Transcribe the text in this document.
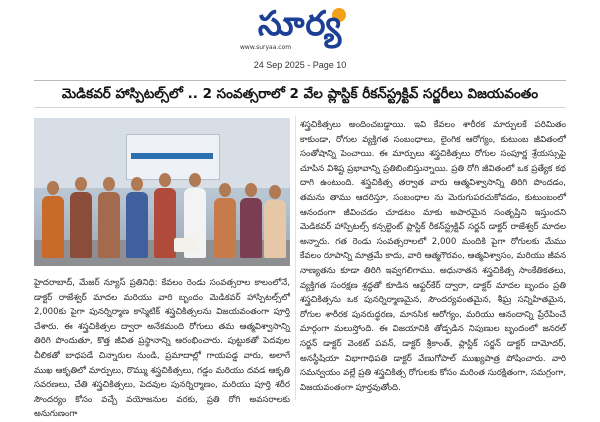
సూర్య
www.suryaa.com
24 Sep 2025 - Page 10
మెడికవర్ హాస్పిటల్స్‌లో .. 2 సంవత్సరాలో 2 వేల ప్లాస్టిక్ రీకన్‌స్ట్రక్టివ్ సర్జరీలు విజయవంతం

హైదరాబాద్, మేజర్ న్యూస్ ప్రతినిధి: కేవలం రెండు సంవత్సరాల కాలంలోనే, డాక్టర్ రాజేశ్వర్ మాదల మరియు వారి బృందం మెడికవర్ హాస్పిటల్స్‌లో 2,000కు పైగా పునర్నిర్మాణ కాస్మెటిక్ శస్త్రచికిత్సలను విజయవంతంగా పూర్తి చేశారు. ఈ శస్త్రచికిత్సల ద్వారా అనేకమంది రోగులు తమ ఆత్మవిశ్వాసాన్ని తిరిగి పొందుతూ, కొత్త జీవిత ప్రస్థానాన్ని ఆరంభించారు. పుట్టుకతో పెదవుల చీలికతో బాధపడే చిన్నారుల నుండి, ప్రమాదాల్లో గాయపడ్డ వారు, అలాగే ముఖ ఆకృతిలో మార్పులు, రొమ్ము శస్త్రచికిత్సలు, గడ్డం మరియు దవడ ఆకృతి సవరణలు, చేతి శస్త్రచికిత్సలు, పెదవుల పునర్నిర్మాణం, మరియు పూర్తి శరీర సౌందర్యం కోసం వచ్చే వయోజనుల వరకు, ప్రతి రోగి అవసరాలకు అనుగుణంగా

శస్త్రచికిత్సలు అందించబడ్డాయి. ఇవి కేవలం శారీరక మార్పులకే పరిమితం కాకుండా, రోగుల వ్యక్తిగత సంబంధాలు, లైంగిక ఆరోగ్యం, కుటుంబ జీవితంలో సంతోషాన్ని పెంచాయి. ఈ మార్పులు శస్త్రచికిత్సలు రోగుల సంపూర్ణ శ్రేయస్సుపై చూపిన విశిష్ట ప్రభావాన్ని ప్రతిబింబిస్తున్నాయి. ప్రతి రోగి జీవితంలో ఒక ప్రత్యేక కథ దాగి ఉంటుంది. శస్త్రచికిత్స తర్వాత వారు ఆత్మవిశ్వాసాన్ని తిరిగి పొందడం, తమను తాము ఆదరిస్తూ, సంబంధాల ను మెరుగుపరచుకోవడం, కుటుంబంలో ఆనందంగా జీవించడం చూడటం మాకు అపారమైన సంతృప్తిని ఇస్తుందని మెడికవర్ హాస్పిటల్స్ కన్సల్టెంట్ ప్లాస్టిక్ రీకన్‌స్ట్రక్టివ్ సర్జన్ డాక్టర్ రాజేశ్వర్ మాదల అన్నారు. గత రెండు సంవత్సరాలలో 2,000 మందికి పైగా రోగులకు మేము కేవలం రూపాన్ని మాత్రమే కాదు, వారి ఆత్మగౌరవం, ఆత్మవిశ్వాసం, మరియు జీవన నాణ్యతను కూడా తిరిగి ఇవ్వగలిగాము. అధునాతన శస్త్రచికిత్స సాంకేతికతలు, వ్యక్తిగత సంరక్షణ శ్రద్ధతో కూడిన ఆఫ్టర్‌కేర్ ద్వారా, డాక్టర్ మాదల బృందం ప్రతి శస్త్రచికిత్సను ఒక పునర్నిర్మాణమైన, సౌందర్యవంతమైన, శీఘ్ర సన్నిహితమైన, రోగుల శారీరక పునరుద్ధరణ, మానసిక ఆరోగ్యం, మరియు ఆనందాన్ని ప్రేరేపించే మార్గంగా మలుస్తోంది. ఈ విజయానికి తోడ్పడిన నిపుణుల బృందంలో జనరల్ సర్జన్ డాక్టర్ వెంకట్ పవన్, డాక్టర్ శ్రీకాంత్, ప్లాస్టిక్ సర్జన్ డాక్టర్ దామోదర్, అనస్థీషియా విభాగాధిపతి డాక్టర్ వేణుగోపాల్ ముఖ్యపాత్ర పోషించారు. వారి సమన్వయం వల్లే ప్రతి శస్త్రచికిత్స రోగులకు కోసం మరింత సురక్షితంగా, సమగ్రంగా, విజయవంతంగా పూర్తవుతోంది.
